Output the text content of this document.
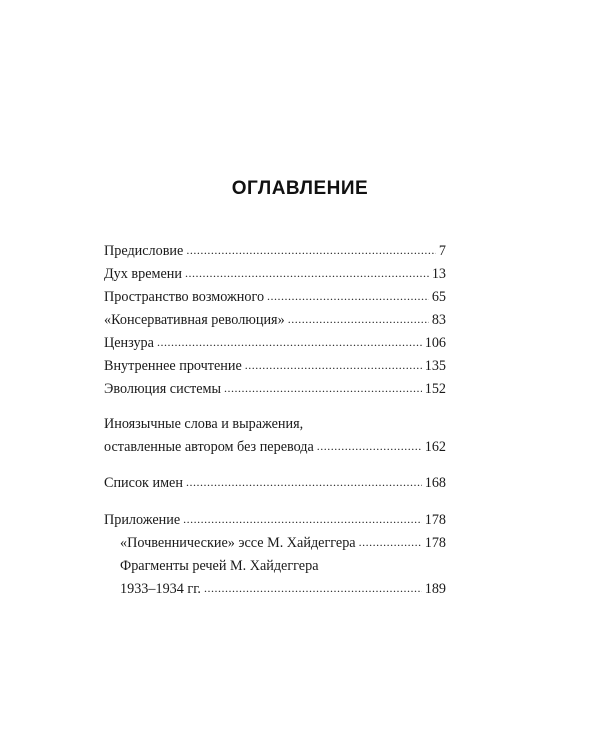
ОГЛАВЛЕНИЕ
Предисловие .....	7
Дух времени .....	13
Пространство возможного .....	65
«Консервативная революция» .....	83
Цензура .....	106
Внутреннее прочтение .....	135
Эволюция системы .....	152
Иноязычные слова и выражения,
оставленные автором без перевода .....	162
Список имен .....	168
Приложение .....	178
«Почвеннические» эссе М. Хайдеггера .....	178
Фрагменты речей М. Хайдеггера
1933–1934 гг. .....	189
